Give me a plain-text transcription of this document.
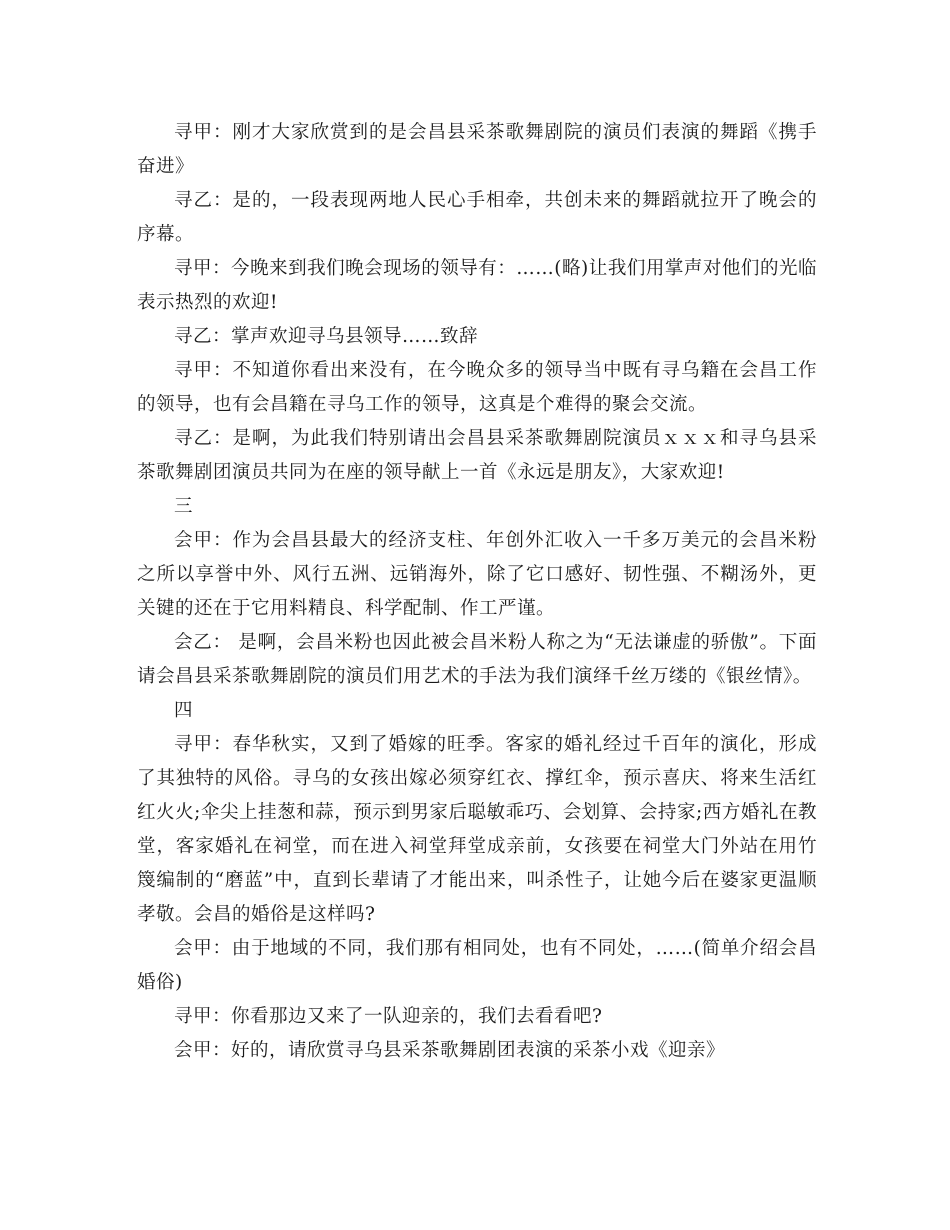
寻甲：刚才大家欣赏到的是会昌县采茶歌舞剧院的演员们表演的舞蹈《携手奋进》

寻乙：是的，一段表现两地人民心手相牵，共创未来的舞蹈就拉开了晚会的序幕。

寻甲：今晚来到我们晚会现场的领导有：……(略)让我们用掌声对他们的光临表示热烈的欢迎!

寻乙：掌声欢迎寻乌县领导……致辞

寻甲：不知道你看出来没有，在今晚众多的领导当中既有寻乌籍在会昌工作的领导，也有会昌籍在寻乌工作的领导，这真是个难得的聚会交流。

寻乙：是啊，为此我们特别请出会昌县采茶歌舞剧院演员ｘｘｘ和寻乌县采茶歌舞剧团演员共同为在座的领导献上一首《永远是朋友》，大家欢迎!

三

会甲：作为会昌县最大的经济支柱、年创外汇收入一千多万美元的会昌米粉之所以享誉中外、风行五洲、远销海外，除了它口感好、韧性强、不糊汤外，更关键的还在于它用料精良、科学配制、作工严谨。

会乙： 是啊，会昌米粉也因此被会昌米粉人称之为“无法谦虚的骄傲”。下面请会昌县采茶歌舞剧院的演员们用艺术的手法为我们演绎千丝万缕的《银丝情》。

四

寻甲：春华秋实，又到了婚嫁的旺季。客家的婚礼经过千百年的演化，形成了其独特的风俗。寻乌的女孩出嫁必须穿红衣、撑红伞，预示喜庆、将来生活红红火火;伞尖上挂葱和蒜，预示到男家后聪敏乖巧、会划算、会持家;西方婚礼在教堂，客家婚礼在祠堂，而在进入祠堂拜堂成亲前，女孩要在祠堂大门外站在用竹篾编制的“磨蓝”中，直到长辈请了才能出来，叫杀性子，让她今后在婆家更温顺孝敬。会昌的婚俗是这样吗?

会甲：由于地域的不同，我们那有相同处，也有不同处，……(简单介绍会昌婚俗)

寻甲：你看那边又来了一队迎亲的，我们去看看吧?

会甲：好的，请欣赏寻乌县采茶歌舞剧团表演的采茶小戏《迎亲》
